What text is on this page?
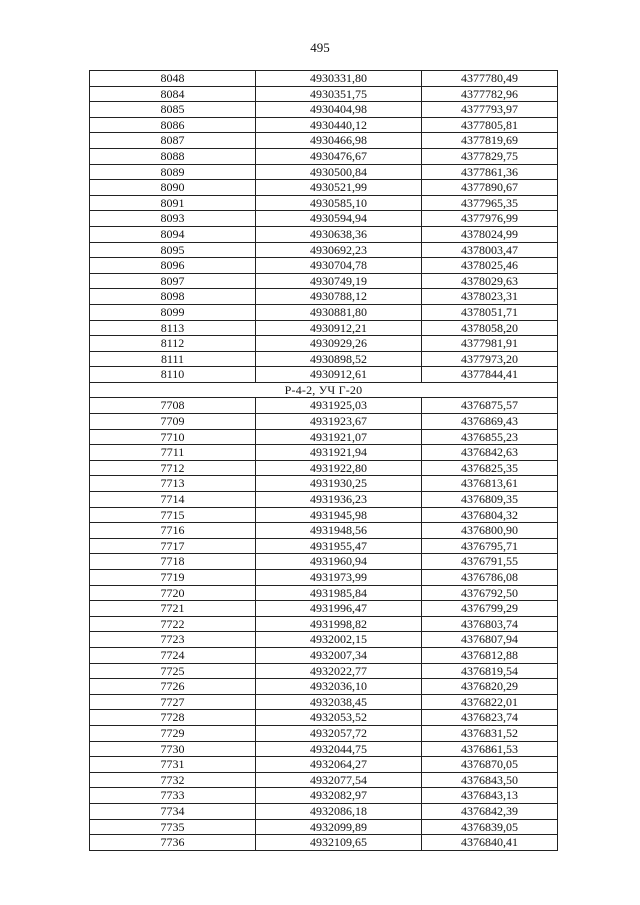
495
8048	4930331,80	4377780,49
8084	4930351,75	4377782,96
8085	4930404,98	4377793,97
8086	4930440,12	4377805,81
8087	4930466,98	4377819,69
8088	4930476,67	4377829,75
8089	4930500,84	4377861,36
8090	4930521,99	4377890,67
8091	4930585,10	4377965,35
8093	4930594,94	4377976,99
8094	4930638,36	4378024,99
8095	4930692,23	4378003,47
8096	4930704,78	4378025,46
8097	4930749,19	4378029,63
8098	4930788,12	4378023,31
8099	4930881,80	4378051,71
8113	4930912,21	4378058,20
8112	4930929,26	4377981,91
8111	4930898,52	4377973,20
8110	4930912,61	4377844,41
Р-4-2, УЧ Г-20		
7708	4931925,03	4376875,57
7709	4931923,67	4376869,43
7710	4931921,07	4376855,23
7711	4931921,94	4376842,63
7712	4931922,80	4376825,35
7713	4931930,25	4376813,61
7714	4931936,23	4376809,35
7715	4931945,98	4376804,32
7716	4931948,56	4376800,90
7717	4931955,47	4376795,71
7718	4931960,94	4376791,55
7719	4931973,99	4376786,08
7720	4931985,84	4376792,50
7721	4931996,47	4376799,29
7722	4931998,82	4376803,74
7723	4932002,15	4376807,94
7724	4932007,34	4376812,88
7725	4932022,77	4376819,54
7726	4932036,10	4376820,29
7727	4932038,45	4376822,01
7728	4932053,52	4376823,74
7729	4932057,72	4376831,52
7730	4932044,75	4376861,53
7731	4932064,27	4376870,05
7732	4932077,54	4376843,50
7733	4932082,97	4376843,13
7734	4932086,18	4376842,39
7735	4932099,89	4376839,05
7736	4932109,65	4376840,41
